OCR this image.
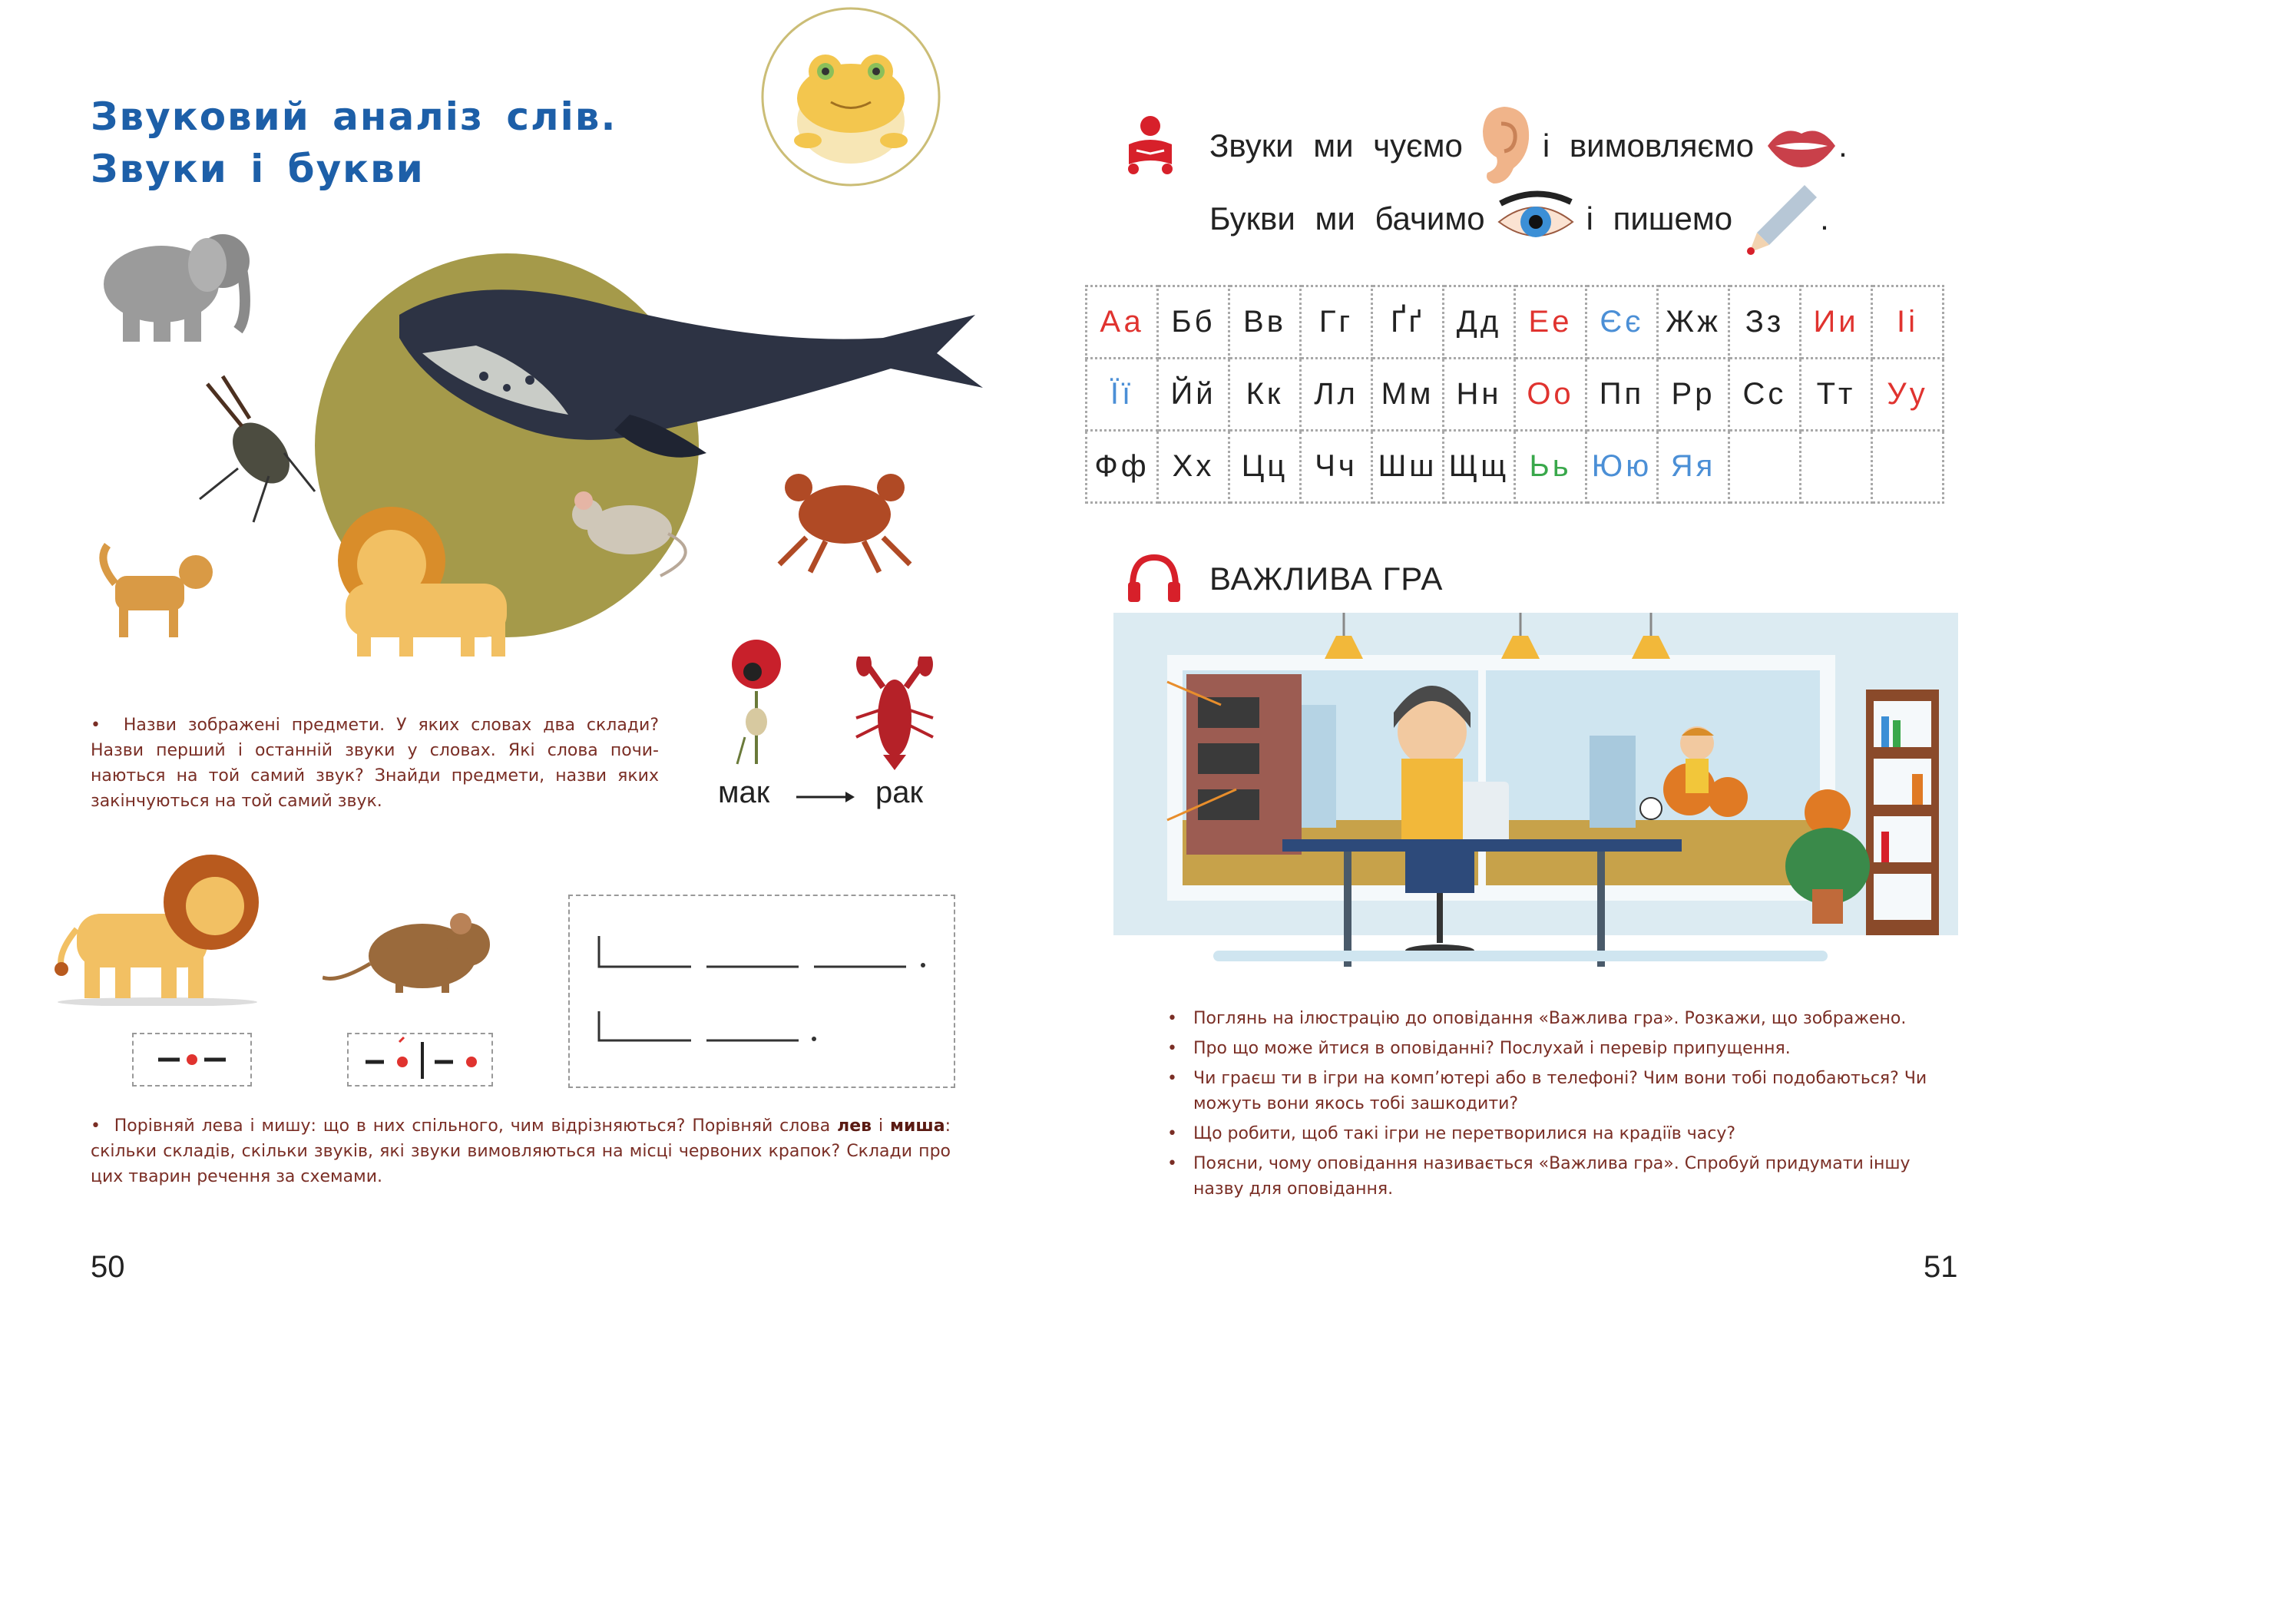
Звуковий аналіз слів.
Звуки і букви
мак	рак
•  Назви зображені предмети. У яких словах два склади? Назви перший і останній звуки у словах. Які слова починаються на той самий звук? Знайди предмети, назви яких закінчуються на той самий звук.
•  Порівняй лева і мишу: що в них спільного, чим відрізняються? Порівняй слова лев і миша: скільки складів, скільки звуків, які звуки вимовляються на місці червоних крапок? Склади про цих тварин речення за схемами.
50
Звуки ми чуємо і вимовляємо	.
Букви ми бачимо	і пишемо	.
Аа	Бб	Вв	Гг	Ґґ	Дд	Ее	Єє	Жж	Зз	Ии	Іі
Її	Йй	Кк	Лл	Мм	Нн	Оо	Пп	Рр	Сс	Тт	Уу
Фф	Хх	Цц	Чч	Шш	Щщ	Ьь	Юю	Яя			
ВАЖЛИВА ГРА
• Поглянь на ілюстрацію до оповідання «Важлива гра». Розкажи, що зображено.
• Про що може йтися в оповіданні? Послухай і перевір припущення.
• Чи граєш ти в ігри на комп’ютері або в телефоні? Чим вони тобі подобаються? Чи можуть вони якось тобі зашкодити?
• Що робити, щоб такі ігри не перетворилися на крадіїв часу?
• Поясни, чому оповідання називається «Важлива гра». Спробуй придумати іншу назву для оповідання.
51
